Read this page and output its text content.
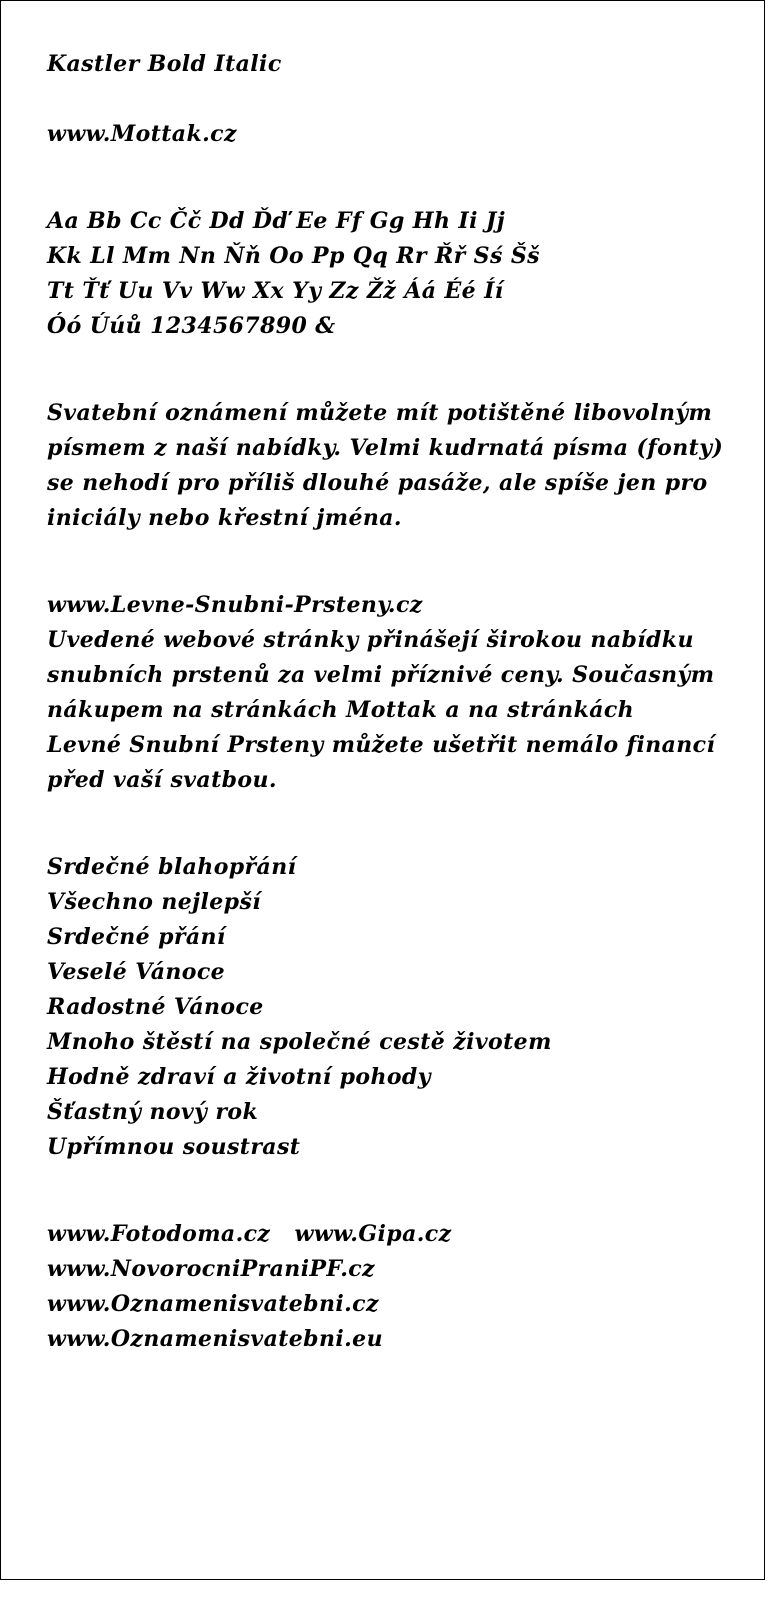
Kastler Bold Italic
www.Mottak.cz
Aa Bb Cc Čč Dd Ďď Ee Ff Gg Hh Ii Jj
Kk Ll Mm Nn Ňň Oo Pp Qq Rr Řř Sś Šš
Tt Ťť Uu Vv Ww Xx Yy Zz Žž Áá Éé Íí
Óó Úúů 1234567890 &
Svatební oznámení můžete mít potištěné libovolným
písmem z naší nabídky. Velmi kudrnatá písma (fonty)
se nehodí pro příliš dlouhé pasáže, ale spíše jen pro
iniciály nebo křestní jména.
www.Levne-Snubni-Prsteny.cz
Uvedené webové stránky přinášejí širokou nabídku
snubních prstenů za velmi příznivé ceny. Současným
nákupem na stránkách Mottak a na stránkách
Levné Snubní Prsteny můžete ušetřit nemálo financí
před vaší svatbou.
Srdečné blahopřání
Všechno nejlepší
Srdečné přání
Veselé Vánoce
Radostné Vánoce
Mnoho štěstí na společné cestě životem
Hodně zdraví a životní pohody
Šťastný nový rok
Upřímnou soustrast
www.Fotodoma.cz   www.Gipa.cz
www.NovorocniPraniPF.cz
www.Oznamenisvatebni.cz
www.Oznamenisvatebni.eu
